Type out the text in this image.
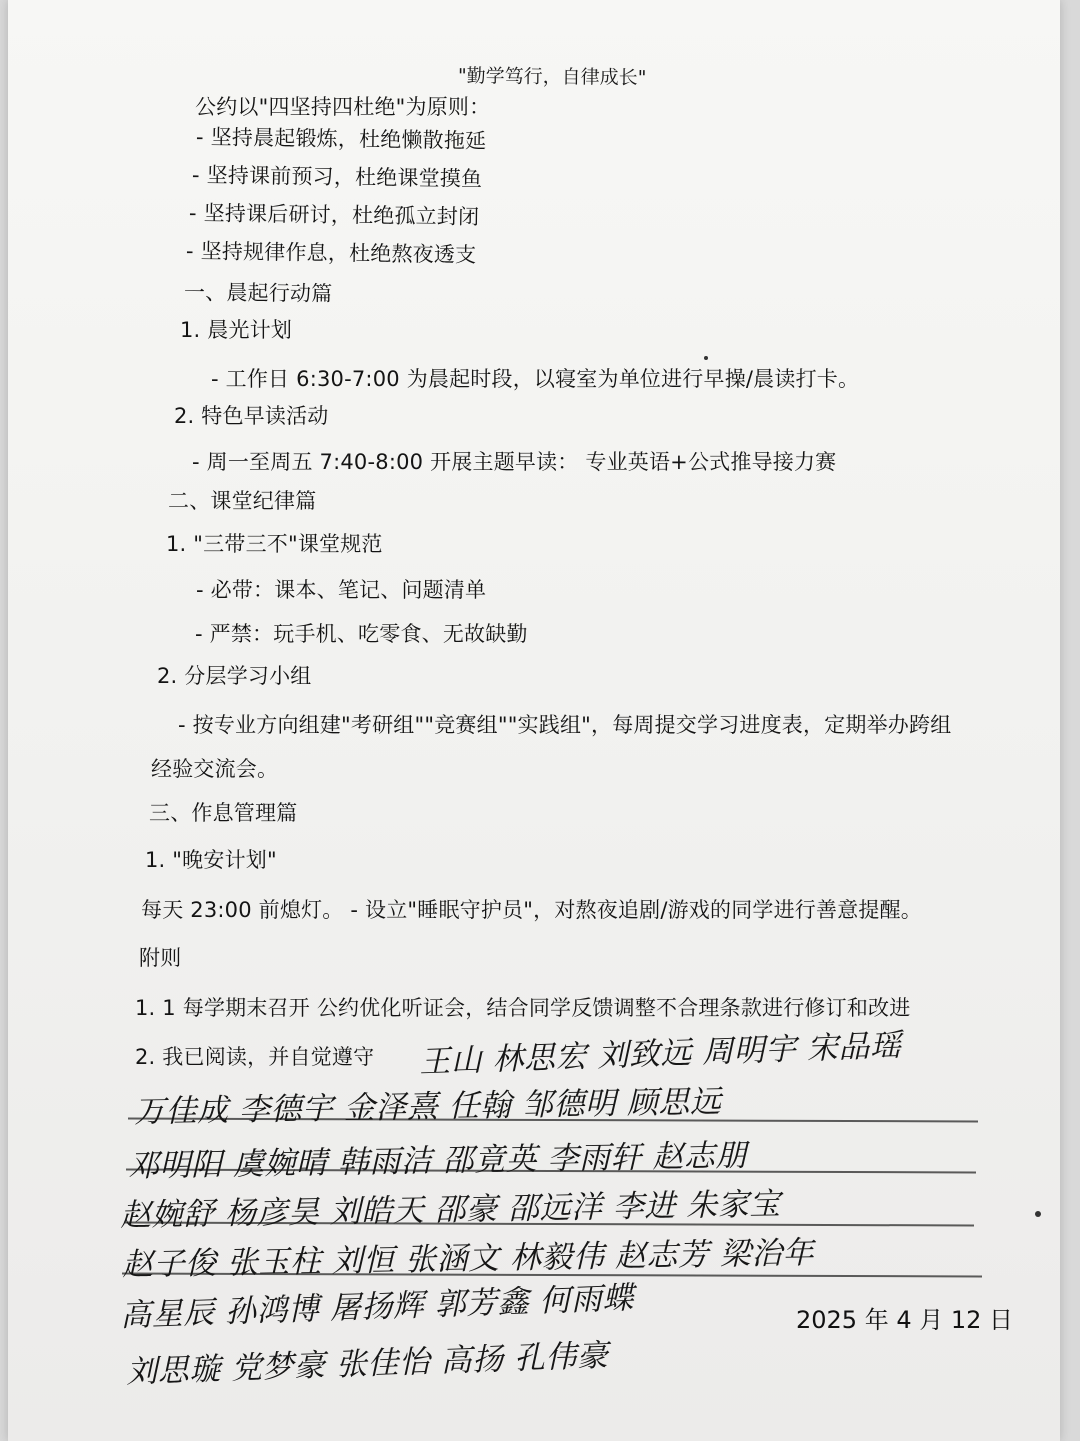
"勤学笃行，自律成长"
公约以"四坚持四杜绝"为原则：
- 坚持晨起锻炼，杜绝懒散拖延
- 坚持课前预习，杜绝课堂摸鱼
- 坚持课后研讨，杜绝孤立封闭
- 坚持规律作息，杜绝熬夜透支
一、晨起行动篇
1. 晨光计划
- 工作日 6:30-7:00 为晨起时段，以寝室为单位进行早操/晨读打卡。
2. 特色早读活动
- 周一至周五 7:40-8:00 开展主题早读： 专业英语+公式推导接力赛
二、课堂纪律篇
1. "三带三不"课堂规范
- 必带：课本、笔记、问题清单
- 严禁：玩手机、吃零食、无故缺勤
2. 分层学习小组
- 按专业方向组建"考研组""竞赛组""实践组"，每周提交学习进度表，定期举办跨组
经验交流会。
三、作息管理篇
1. "晚安计划"
每天 23:00 前熄灯。 - 设立"睡眠守护员"，对熬夜追剧/游戏的同学进行善意提醒。
附则
1. 1 每学期末召开 公约优化听证会，结合同学反馈调整不合理条款进行修订和改进
2. 我已阅读，并自觉遵守 王山 林思宏 刘致远 周明宇 宋品瑶
万佳成 李德宇 金泽熹 任翰 邹德明 顾思远
邓明阳 虞婉晴 韩雨洁 邵竟英 李雨轩 赵志朋
赵婉舒 杨彦昊 刘皓天 邵豪 邵远洋 李进 朱家宝
赵子俊 张玉柱 刘恒 张涵文 林毅伟 赵志芳 梁治年
高星辰 孙鸿博 屠扬辉 郭芳鑫 何雨蝶
刘思璇 党梦豪 张佳怡 高扬 孔伟豪
2025 年 4 月 12 日
